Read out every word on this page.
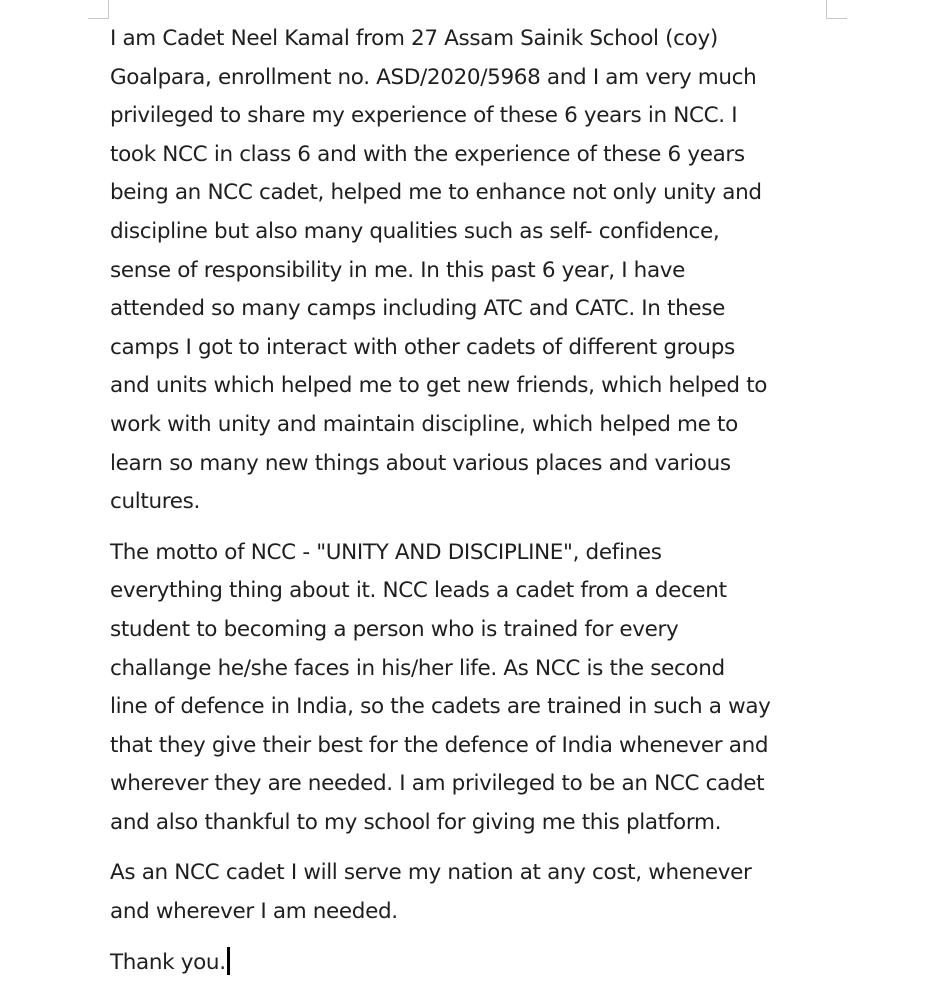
I am Cadet Neel Kamal from 27 Assam Sainik School (coy)
Goalpara, enrollment no. ASD/2020/5968 and I am very much
privileged to share my experience of these 6 years in NCC. I
took NCC in class 6 and with the experience of these 6 years
being an NCC cadet, helped me to enhance not only unity and
discipline but also many qualities such as self- confidence,
sense of responsibility in me. In this past 6 year, I have
attended so many camps including ATC and CATC. In these
camps I got to interact with other cadets of different groups
and units which helped me to get new friends, which helped to
work with unity and maintain discipline, which helped me to
learn so many new things about various places and various
cultures.

The motto of NCC - "UNITY AND DISCIPLINE", defines
everything thing about it. NCC leads a cadet from a decent
student to becoming a person who is trained for every
challange he/she faces in his/her life. As NCC is the second
line of defence in India, so the cadets are trained in such a way
that they give their best for the defence of India whenever and
wherever they are needed. I am privileged to be an NCC cadet
and also thankful to my school for giving me this platform.

As an NCC cadet I will serve my nation at any cost, whenever
and wherever I am needed.

Thank you.
